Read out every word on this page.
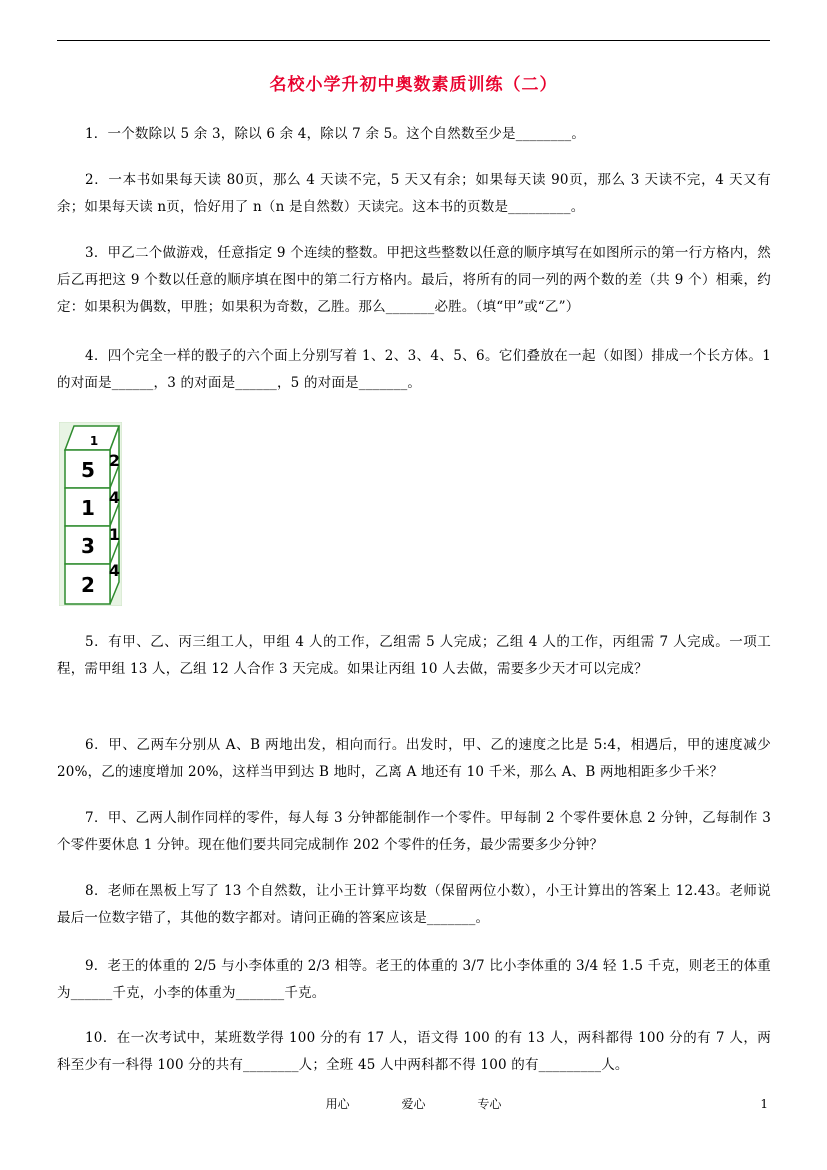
名校小学升初中奥数素质训练（二）
1．一个数除以 5 余 3，除以 6 余 4，除以 7 余 5。这个自然数至少是________。
2．一本书如果每天读 80页，那么 4 天读不完，5 天又有余；如果每天读 90页，那么 3 天读不完，4 天又有余；如果每天读 n页，恰好用了 n（n 是自然数）天读完。这本书的页数是_________。
3．甲乙二个做游戏，任意指定 9 个连续的整数。甲把这些整数以任意的顺序填写在如图所示的第一行方格内，然后乙再把这 9 个数以任意的顺序填在图中的第二行方格内。最后，将所有的同一列的两个数的差（共 9 个）相乘，约定：如果积为偶数，甲胜；如果积为奇数，乙胜。那么_______必胜。（填“甲”或“乙”）
4．四个完全一样的骰子的六个面上分别写着 1、2、3、4、5、6。它们叠放在一起（如图）排成一个长方体。1 的对面是______，3 的对面是______，5 的对面是_______。
1
5
1
3
2
2
4
1
4
5．有甲、乙、丙三组工人，甲组 4 人的工作，乙组需 5 人完成；乙组 4 人的工作，丙组需 7 人完成。一项工程，需甲组 13 人，乙组 12 人合作 3 天完成。如果让丙组 10 人去做，需要多少天才可以完成？
6．甲、乙两车分别从 A、B 两地出发，相向而行。出发时，甲、乙的速度之比是 5:4，相遇后，甲的速度减少 20%，乙的速度增加 20%，这样当甲到达 B 地时，乙离 A 地还有 10 千米，那么 A、B 两地相距多少千米？
7．甲、乙两人制作同样的零件，每人每 3 分钟都能制作一个零件。甲每制 2 个零件要休息 2 分钟，乙每制作 3 个零件要休息 1 分钟。现在他们要共同完成制作 202 个零件的任务，最少需要多少分钟？
8．老师在黑板上写了 13 个自然数，让小王计算平均数（保留两位小数），小王计算出的答案上 12.43。老师说最后一位数字错了，其他的数字都对。请问正确的答案应该是_______。
9．老王的体重的 2/5 与小李体重的 2/3 相等。老王的体重的 3/7 比小李体重的 3/4 轻 1.5 千克，则老王的体重为______千克，小李的体重为_______千克。
10．在一次考试中，某班数学得 100 分的有 17 人，语文得 100 的有 13 人，两科都得 100 分的有 7 人，两科至少有一科得 100 分的共有________人；全班 45 人中两科都不得 100 的有_________人。
用心	爱心	专心	1
